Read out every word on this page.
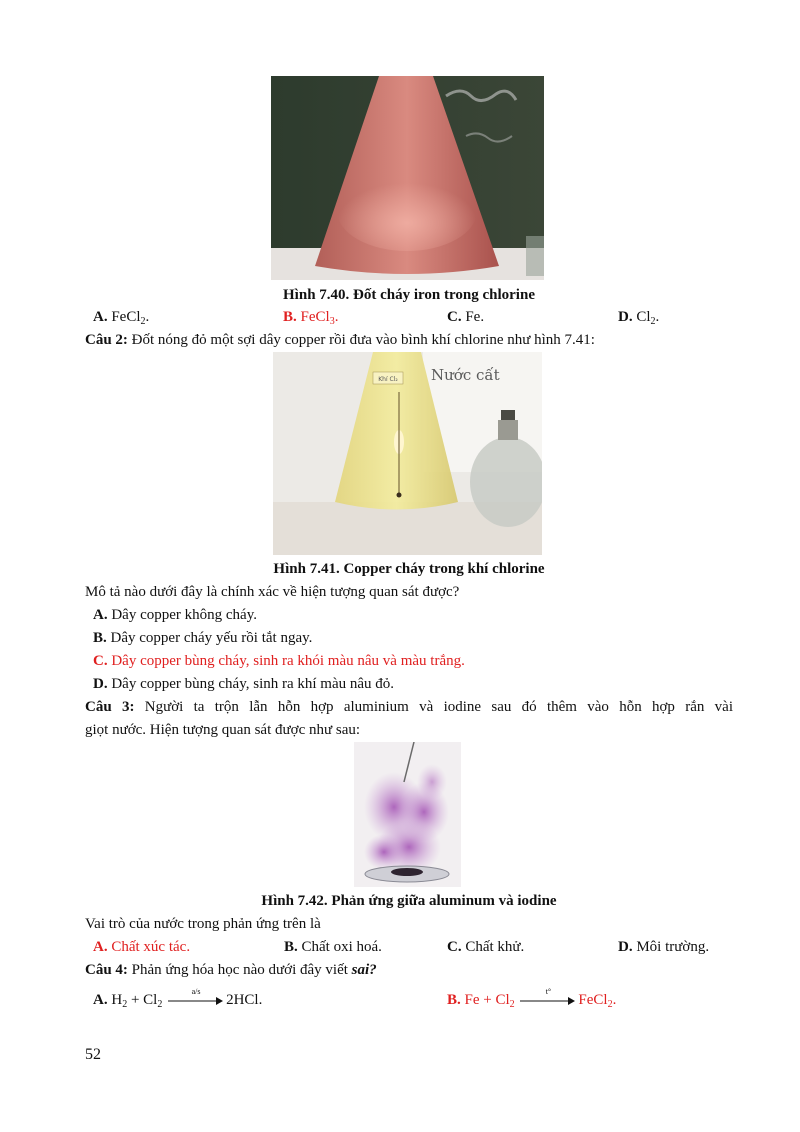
Hình 7.40. Đốt cháy iron trong chlorine
A. FeCl$_2$.	B. FeCl$_3$.	C. Fe.	D. $Cl_2$.
Câu 2: Đốt nóng đỏ một sợi dây copper rồi đưa vào bình khí chlorine như hình 7.41:
Khí Cl₂ Nước cất
Hình 7.41. Copper cháy trong khí chlorine
Mô tả nào dưới đây là chính xác về hiện tượng quan sát được?
A. Dây copper không cháy.
B. Dây copper cháy yếu rồi tắt ngay.
C. Dây copper bùng cháy, sinh ra khói màu nâu và màu trắng.
D. Dây copper bùng cháy, sinh ra khí màu nâu đỏ.
Câu 3: Người ta trộn lẫn hỗn hợp aluminium và iodine sau đó thêm vào hỗn hợp rắn vài
giọt nước. Hiện tượng quan sát được như sau:
Hình 7.42. Phản ứng giữa aluminum và iodine
Vai trò của nước trong phản ứng trên là
A. Chất xúc tác.	B. Chất oxi hoá.	C. Chất khử.	D. Môi trường.
Câu 4: Phản ứng hóa học nào dưới đây viết sai?
A. $H_2 + Cl_2$
a/s
2HCl.	B. $Fe + Cl_2$
t°
FeCl$_2$.
52
